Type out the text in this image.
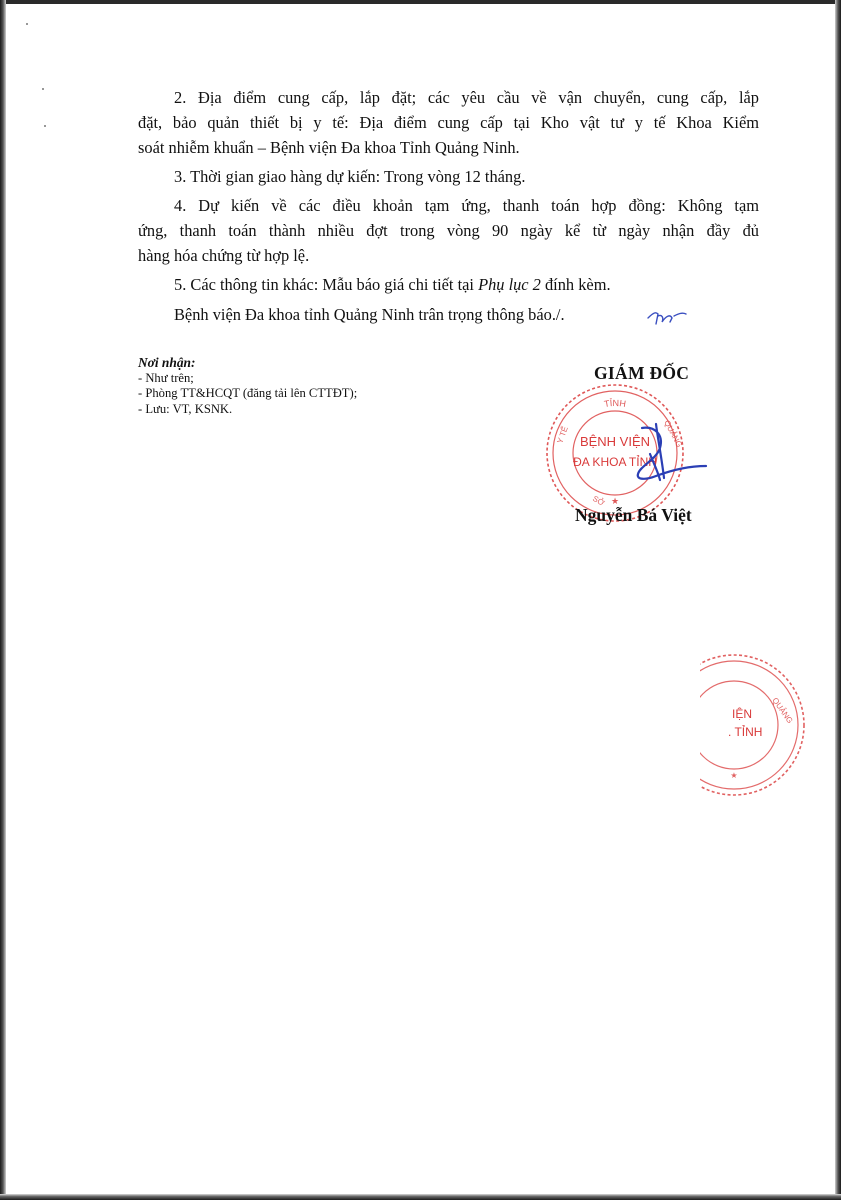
2. Địa điểm cung cấp, lắp đặt; các yêu cầu về vận chuyển, cung cấp, lắp
đặt, bảo quản thiết bị y tế: Địa điểm cung cấp tại Kho vật tư y tế Khoa Kiểm
soát nhiễm khuẩn – Bệnh viện Đa khoa Tỉnh Quảng Ninh.
3. Thời gian giao hàng dự kiến: Trong vòng 12 tháng.
4. Dự kiến về các điều khoản tạm ứng, thanh toán hợp đồng: Không tạm
ứng, thanh toán thành nhiều đợt trong vòng 90 ngày kể từ ngày nhận đầy đủ
hàng hóa chứng từ hợp lệ.
5. Các thông tin khác: Mẫu báo giá chi tiết tại Phụ lục 2 đính kèm.
Bệnh viện Đa khoa tỉnh Quảng Ninh trân trọng thông báo./.
Nơi nhận:
- Như trên;
- Phòng TT&HCQT (đăng tải lên CTTĐT);
- Lưu: VT, KSNK.
GIÁM ĐỐC
TỈNH
Y TẾ	QUẢNG
SỞ ★
BỆNH VIỆN
ĐA KHOA TỈNH
Nguyễn Bá Việt
QUẢNG
IỆN
. TỈNH
★
